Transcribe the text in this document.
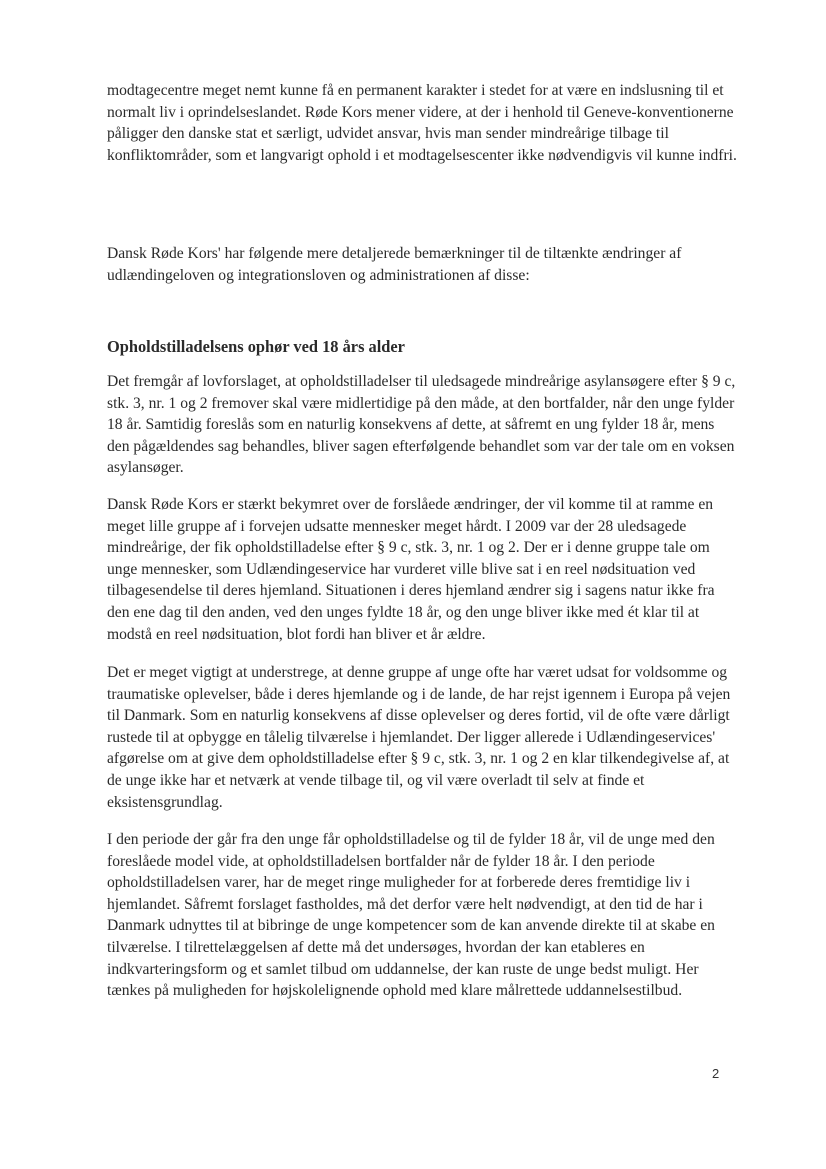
modtagecentre meget nemt kunne få en permanent karakter i stedet for at være en indslusning til et normalt liv i oprindelseslandet. Røde Kors mener videre, at der i henhold til Geneve-konventionerne påligger den danske stat et særligt, udvidet ansvar, hvis man sender mindreårige tilbage til konfliktområder, som et langvarigt ophold i et modtagelsescenter ikke nødvendigvis vil kunne indfri.

Dansk Røde Kors' har følgende mere detaljerede bemærkninger til de tiltænkte ændringer af udlændingeloven og integrationsloven og administrationen af disse:

Opholdstilladelsens ophør ved 18 års alder

Det fremgår af lovforslaget, at opholdstilladelser til uledsagede mindreårige asylansøgere efter § 9 c, stk. 3, nr. 1 og 2 fremover skal være midlertidige på den måde, at den bortfalder, når den unge fylder 18 år. Samtidig foreslås som en naturlig konsekvens af dette, at såfremt en ung fylder 18 år, mens den pågældendes sag behandles, bliver sagen efterfølgende behandlet som var der tale om en voksen asylansøger.

Dansk Røde Kors er stærkt bekymret over de forslåede ændringer, der vil komme til at ramme en meget lille gruppe af i forvejen udsatte mennesker meget hårdt. I 2009 var der 28 uledsagede mindreårige, der fik opholdstilladelse efter § 9 c, stk. 3, nr. 1 og 2. Der er i denne gruppe tale om unge mennesker, som Udlændingeservice har vurderet ville blive sat i en reel nødsituation ved tilbagesendelse til deres hjemland. Situationen i deres hjemland ændrer sig i sagens natur ikke fra den ene dag til den anden, ved den unges fyldte 18 år, og den unge bliver ikke med ét klar til at modstå en reel nødsituation, blot fordi han bliver et år ældre.

Det er meget vigtigt at understrege, at denne gruppe af unge ofte har været udsat for voldsomme og traumatiske oplevelser, både i deres hjemlande og i de lande, de har rejst igennem i Europa på vejen til Danmark. Som en naturlig konsekvens af disse oplevelser og deres fortid, vil de ofte være dårligt rustede til at opbygge en tålelig tilværelse i hjemlandet. Der ligger allerede i Udlændingeservices' afgørelse om at give dem opholdstilladelse efter § 9 c, stk. 3, nr. 1 og 2 en klar tilkendegivelse af, at de unge ikke har et netværk at vende tilbage til, og vil være overladt til selv at finde et eksistensgrundlag.

I den periode der går fra den unge får opholdstilladelse og til de fylder 18 år, vil de unge med den foreslåede model vide, at opholdstilladelsen bortfalder når de fylder 18 år. I den periode opholdstilladelsen varer, har de meget ringe muligheder for at forberede deres fremtidige liv i hjemlandet. Såfremt forslaget fastholdes, må det derfor være helt nødvendigt, at den tid de har i Danmark udnyttes til at bibringe de unge kompetencer som de kan anvende direkte til at skabe en tilværelse. I tilrettelæggelsen af dette må det undersøges, hvordan der kan etableres en indkvarteringsform og et samlet tilbud om uddannelse, der kan ruste de unge bedst muligt. Her tænkes på muligheden for højskolelignende ophold med klare målrettede uddannelsestilbud.

2
